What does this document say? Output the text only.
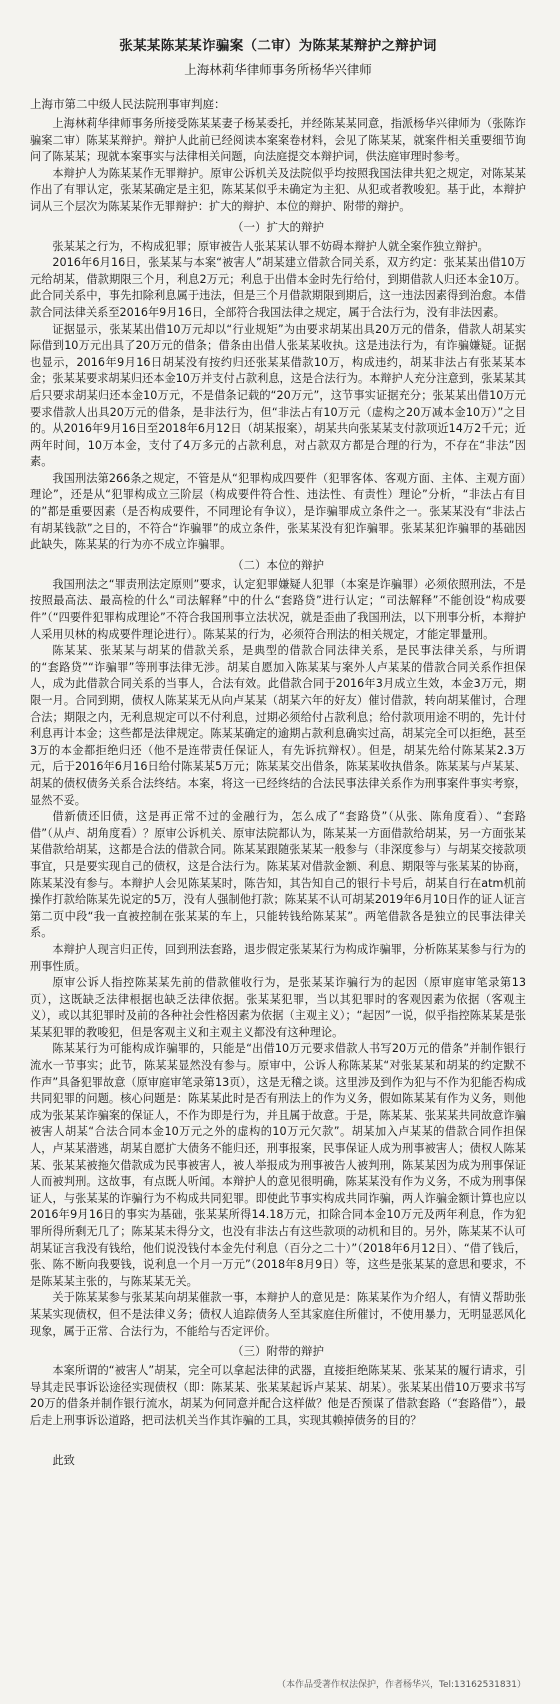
张某某陈某某诈骗案（二审）为陈某某辩护之辩护词
上海林莉华律师事务所杨华兴律师
上海市第二中级人民法院刑事审判庭：

上海林莉华律师事务所接受陈某某妻子杨某委托，并经陈某某同意，指派杨华兴律师为（张陈诈骗案二审）陈某某辩护。辩护人此前已经阅读本案案卷材料，会见了陈某某，就案件相关重要细节询问了陈某某；现就本案事实与法律相关问题，向法庭提交本辩护词，供法庭审理时参考。

本辩护人为陈某某作无罪辩护。原审公诉机关及法院似乎均按照我国法律共犯之规定，对陈某某作出了有罪认定，张某某确定是主犯，陈某某似乎未确定为主犯、从犯或者教唆犯。基于此，本辩护词从三个层次为陈某某作无罪辩护：扩大的辩护、本位的辩护、附带的辩护。

（一）扩大的辩护

张某某之行为，不构成犯罪；原审被告人张某某认罪不妨碍本辩护人就全案作独立辩护。

2016年6月16日，张某某与本案“被害人”胡某建立借款合同关系，双方约定：张某某出借10万元给胡某，借款期限三个月，利息2万元；利息于出借本金时先行给付，到期借款人归还本金10万。此合同关系中，事先扣除利息属于违法，但是三个月借款期限到期后，这一违法因素得到治愈。本借款合同法律关系至2016年9月16日，全部符合我国法律之规定，属于合法行为，没有非法因素。

证据显示，张某某出借10万元却以“行业规矩”为由要求胡某出具20万元的借条，借款人胡某实际借到10万元出具了20万元的借条；借条由出借人张某某收执。这是违法行为，有诈骗嫌疑。证据也显示，2016年9月16日胡某没有按约归还张某某借款10万，构成违约，胡某非法占有张某某本金；张某某要求胡某归还本金10万并支付占款利息，这是合法行为。本辩护人充分注意到，张某某其后只要求胡某归还本金10万元，不是借条记载的“20万元”，这节事实证据充分；张某某出借10万元要求借款人出具20万元的借条，是非法行为，但“非法占有10万元（虚构之20万减本金10万）”之目的。从2016年9月16日至2018年6月12日（胡某报案），胡某共向张某某支付款项近14万2千元；近两年时间，10万本金，支付了4万多元的占款利息，对占款双方都是合理的行为，不存在“非法”因素。

我国刑法第266条之规定，不管是从“犯罪构成四要件（犯罪客体、客观方面、主体、主观方面）理论”，还是从“犯罪构成立三阶层（构成要件符合性、违法性、有责性）理论”分析，“非法占有目的”都是重要因素（是否构成要件，不同理论有争议），是诈骗罪成立条件之一。张某某没有“非法占有胡某钱款”之目的，不符合“诈骗罪”的成立条件，张某某没有犯诈骗罪。张某某犯诈骗罪的基础因此缺失，陈某某的行为亦不成立诈骗罪。

（二）本位的辩护

我国刑法之“罪责刑法定原则”要求，认定犯罪嫌疑人犯罪（本案是诈骗罪）必须依照刑法，不是按照最高法、最高检的什么“司法解释”中的什么“套路贷”进行认定；“司法解释”不能创设“构成要件”（“四要件犯罪构成理论”不符合我国刑事立法状况，就是歪曲了我国刑法，以下刑事分析，本辩护人采用贝林的构成要件理论进行）。陈某某的行为，必须符合刑法的相关规定，才能定罪量刑。

陈某某、张某某与胡某的借款关系，是典型的借款合同法律关系，是民事法律关系，与所谓的“套路贷”“诈骗罪”等刑事法律无涉。胡某自愿加入陈某某与案外人卢某某的借款合同关系作担保人，成为此借款合同关系的当事人，合法有效。此借款合同于2016年3月成立生效，本金3万元，期限一月。合同到期，债权人陈某某无从向卢某某（胡某六年的好友）催讨借款，转向胡某催讨，合理合法；期限之内，无利息规定可以不付利息，过期必须给付占款利息；给付款项用途不明的，先计付利息再计本金；这些都是法律规定。陈某某确定的逾期占款利息确实过高，胡某完全可以拒绝，甚至3万的本金都拒绝归还（他不是连带责任保证人，有先诉抗辩权）。但是，胡某先给付陈某某2.3万元，后于2016年6月16日给付陈某某5万元；陈某某交出借条，陈某某收执借条。陈某某与卢某某、胡某的债权债务关系合法终结。本案，将这一已经终结的合法民事法律关系作为刑事案件事实考察，显然不妥。

借新债还旧债，这是再正常不过的金融行为，怎么成了“套路贷”（从张、陈角度看）、“套路借”（从卢、胡角度看）？原审公诉机关、原审法院都认为，陈某某一方面借款给胡某，另一方面张某某借款给胡某，这都是合法的借款合同。陈某某跟随张某某一般参与（非深度参与）与胡某交接款项事宜，只是要实现自己的债权，这是合法行为。陈某某对借款金额、利息、期限等与张某某的协商，陈某某没有参与。本辩护人会见陈某某时，陈告知，其告知自己的银行卡号后，胡某自行在atm机前操作打款给陈某先说定的5万，没有人强制他打款；陈某某不认可胡某2019年6月10日作的证人证言第二页中段“我一直被控制在张某某的车上，只能转钱给陈某某”。两笔借款各是独立的民事法律关系。

本辩护人现言归正传，回到刑法套路，退步假定张某某行为构成诈骗罪，分析陈某某参与行为的刑事性质。

原审公诉人指控陈某某先前的借款催收行为，是张某某诈骗行为的起因（原审庭审笔录第13页），这既缺乏法律根据也缺乏法律依据。张某某犯罪，当以其犯罪时的客观因素为依据（客观主义），或以其犯罪时及前的各种社会性格因素为依据（主观主义）；“起因”一说，似乎指控陈某某是张某某犯罪的教唆犯，但是客观主义和主观主义都没有这种理论。

陈某某行为可能构成诈骗罪的，只能是“出借10万元要求借款人书写20万元的借条”并制作银行流水一节事实；此节，陈某某显然没有参与。原审中，公诉人称陈某某“对张某某和胡某的约定默不作声”具备犯罪故意（原审庭审笔录第13页），这是无稽之谈。这里涉及到作为犯与不作为犯能否构成共同犯罪的问题。核心问题是：陈某某此时是否有刑法上的作为义务，假如陈某某有作为义务，则他成为张某某诈骗案的保证人，不作为即是行为，并且属于故意。于是，陈某某、张某某共同故意诈骗被害人胡某“合法合同本金10万元之外的虚构的10万元欠款”。胡某加入卢某某的借款合同作担保人，卢某某潜逃，胡某自愿扩大债务不能归还，刑事报案，民事保证人成为刑事被害人；债权人陈某某、张某某被拖欠借款成为民事被害人，被人举报成为刑事被告人被判刑，陈某某因为成为刑事保证人而被判刑。这故事，有点既人听闻。本辩护人的意见很明确，陈某某没有作为义务，不成为刑事保证人，与张某某的诈骗行为不构成共同犯罪。即使此节事实构成共同诈骗，两人诈骗金额计算也应以2016年9月16日的事实为基础，张某某所得14.18万元，扣除合同本金10万元及两年利息，作为犯罪所得所剩无几了；陈某某未得分文，也没有非法占有这些款项的动机和目的。另外，陈某某不认可胡某证言我没有钱给，他们说没钱付本金先付利息（百分之二十）”（2018年6月12日）、“借了钱后，张、陈不断向我要钱，说利息一个月一万元”（2018年8月9日）等，这些是张某某的意思和要求，不是陈某某主张的，与陈某某无关。

关于陈某某参与张某某向胡某催款一事，本辩护人的意见是：陈某某作为介绍人，有情义帮助张某某实现债权，但不是法律义务；债权人追踪债务人至其家庭住所催讨，不使用暴力，无明显恶风化现象，属于正常、合法行为，不能给与否定评价。

（三）附带的辩护

本案所谓的“被害人”胡某，完全可以拿起法律的武器，直接拒绝陈某某、张某某的履行请求，引导其走民事诉讼途径实现债权（即：陈某某、张某某起诉卢某某、胡某）。张某某出借10万要求书写20万的借条并制作银行流水，胡某为何同意并配合这样做？他是否预谋了借款套路（“套路借”），最后走上刑事诉讼道路，把司法机关当作其诈骗的工具，实现其赖掉债务的目的？

此致
（本作品受著作权法保护，作者杨华兴，Tel:13162531831）
